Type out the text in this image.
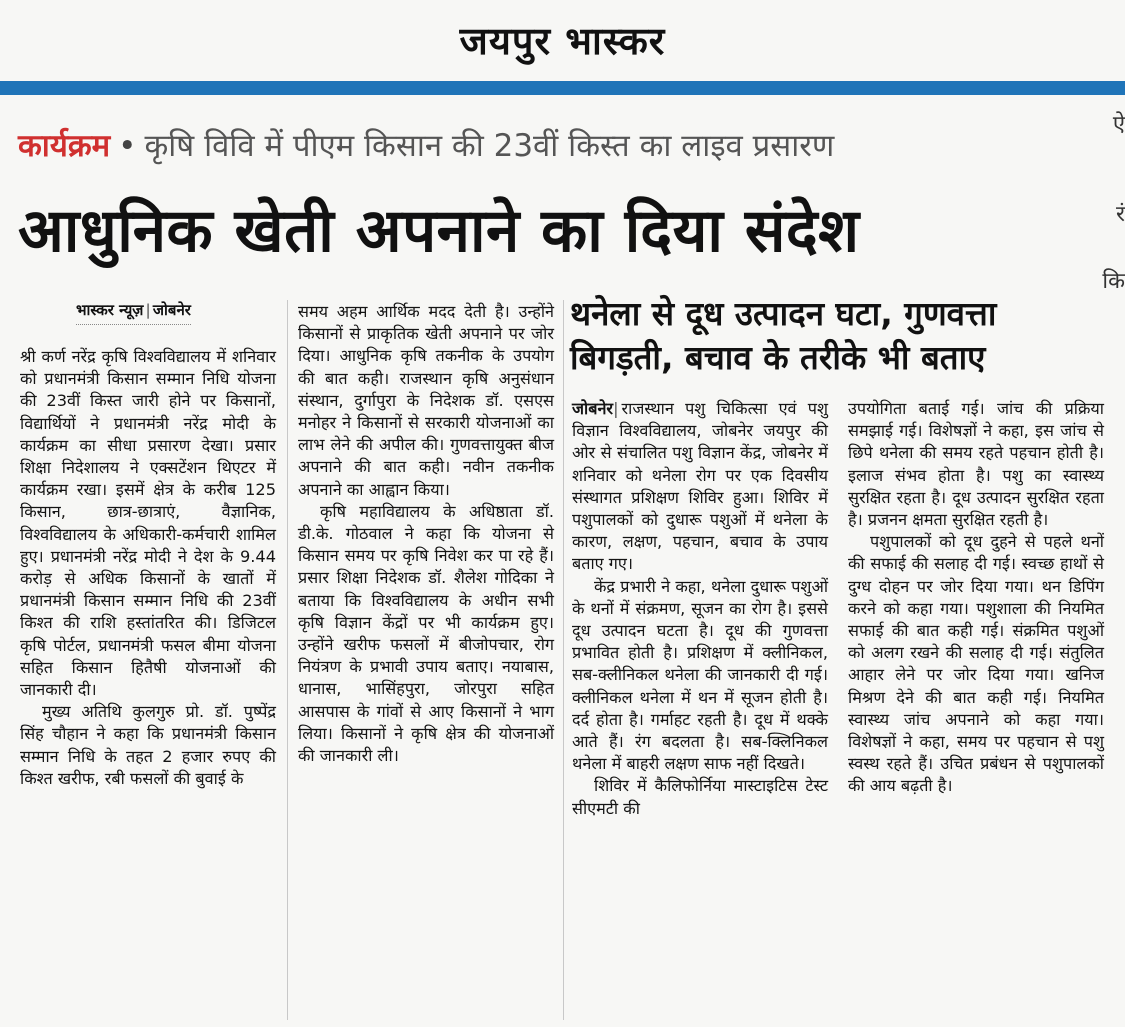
जयपुर भास्कर
कार्यक्रम • कृषि विवि में पीएम किसान की 23वीं किस्त का लाइव प्रसारण
आधुनिक खेती अपनाने का दिया संदेश
भास्कर न्यूज़ | जोबनेर

श्री कर्ण नरेंद्र कृषि विश्वविद्यालय में शनिवार को प्रधानमंत्री किसान सम्मान निधि योजना की 23वीं किस्त जारी होने पर किसानों, विद्यार्थियों ने प्रधानमंत्री नरेंद्र मोदी के कार्यक्रम का सीधा प्रसारण देखा। प्रसार शिक्षा निदेशालय ने एक्सटेंशन थिएटर में कार्यक्रम रखा। इसमें क्षेत्र के करीब 125 किसान, छात्र-छात्राएं, वैज्ञानिक, विश्वविद्यालय के अधिकारी-कर्मचारी शामिल हुए। प्रधानमंत्री नरेंद्र मोदी ने देश के 9.44 करोड़ से अधिक किसानों के खातों में प्रधानमंत्री किसान सम्मान निधि की 23वीं किश्त की राशि हस्तांतरित की। डिजिटल कृषि पोर्टल, प्रधानमंत्री फसल बीमा योजना सहित किसान हितैषी योजनाओं की जानकारी दी।

मुख्य अतिथि कुलगुरु प्रो. डॉ. पुष्पेंद्र सिंह चौहान ने कहा कि प्रधानमंत्री किसान सम्मान निधि के तहत 2 हजार रुपए की किश्त खरीफ, रबी फसलों की बुवाई के

समय अहम आर्थिक मदद देती है। उन्होंने किसानों से प्राकृतिक खेती अपनाने पर जोर दिया। आधुनिक कृषि तकनीक के उपयोग की बात कही। राजस्थान कृषि अनुसंधान संस्थान, दुर्गापुरा के निदेशक डॉ. एसएस मनोहर ने किसानों से सरकारी योजनाओं का लाभ लेने की अपील की। गुणवत्तायुक्त बीज अपनाने की बात कही। नवीन तकनीक अपनाने का आह्वान किया।

कृषि महाविद्यालय के अधिष्ठाता डॉ. डी.के. गोठवाल ने कहा कि योजना से किसान समय पर कृषि निवेश कर पा रहे हैं। प्रसार शिक्षा निदेशक डॉ. शैलेश गोदिका ने बताया कि विश्वविद्यालय के अधीन सभी कृषि विज्ञान केंद्रों पर भी कार्यक्रम हुए। उन्होंने खरीफ फसलों में बीजोपचार, रोग नियंत्रण के प्रभावी उपाय बताए। नयाबास, धानास, भासिंहपुरा, जोरपुरा सहित आसपास के गांवों से आए किसानों ने भाग लिया। किसानों ने कृषि क्षेत्र की योजनाओं की जानकारी ली।

थनेला से दूध उत्पादन घटा, गुणवत्ता बिगड़ती, बचाव के तरीके भी बताए

जोबनेर| राजस्थान पशु चिकित्सा एवं पशु विज्ञान विश्वविद्यालय, जोबनेर जयपुर की ओर से संचालित पशु विज्ञान केंद्र, जोबनेर में शनिवार को थनेला रोग पर एक दिवसीय संस्थागत प्रशिक्षण शिविर हुआ। शिविर में पशुपालकों को दुधारू पशुओं में थनेला के कारण, लक्षण, पहचान, बचाव के उपाय बताए गए।

केंद्र प्रभारी ने कहा, थनेला दुधारू पशुओं के थनों में संक्रमण, सूजन का रोग है। इससे दूध उत्पादन घटता है। दूध की गुणवत्ता प्रभावित होती है। प्रशिक्षण में क्लीनिकल, सब-क्लीनिकल थनेला की जानकारी दी गई। क्लीनिकल थनेला में थन में सूजन होती है। दर्द होता है। गर्माहट रहती है। दूध में थक्के आते हैं। रंग बदलता है। सब-क्लिनिकल थनेला में बाहरी लक्षण साफ नहीं दिखते।

शिविर में कैलिफोर्निया मास्टाइटिस टेस्ट सीएमटी की

उपयोगिता बताई गई। जांच की प्रक्रिया समझाई गई। विशेषज्ञों ने कहा, इस जांच से छिपे थनेला की समय रहते पहचान होती है। इलाज संभव होता है। पशु का स्वास्थ्य सुरक्षित रहता है। दूध उत्पादन सुरक्षित रहता है। प्रजनन क्षमता सुरक्षित रहती है।

पशुपालकों को दूध दुहने से पहले थनों की सफाई की सलाह दी गई। स्वच्छ हाथों से दुग्ध दोहन पर जोर दिया गया। थन डिपिंग करने को कहा गया। पशुशाला की नियमित सफाई की बात कही गई। संक्रमित पशुओं को अलग रखने की सलाह दी गई। संतुलित आहार लेने पर जोर दिया गया। खनिज मिश्रण देने की बात कही गई। नियमित स्वास्थ्य जांच अपनाने को कहा गया। विशेषज्ञों ने कहा, समय पर पहचान से पशु स्वस्थ रहते हैं। उचित प्रबंधन से पशुपालकों की आय बढ़ती है।

ऐ
रं
कि
